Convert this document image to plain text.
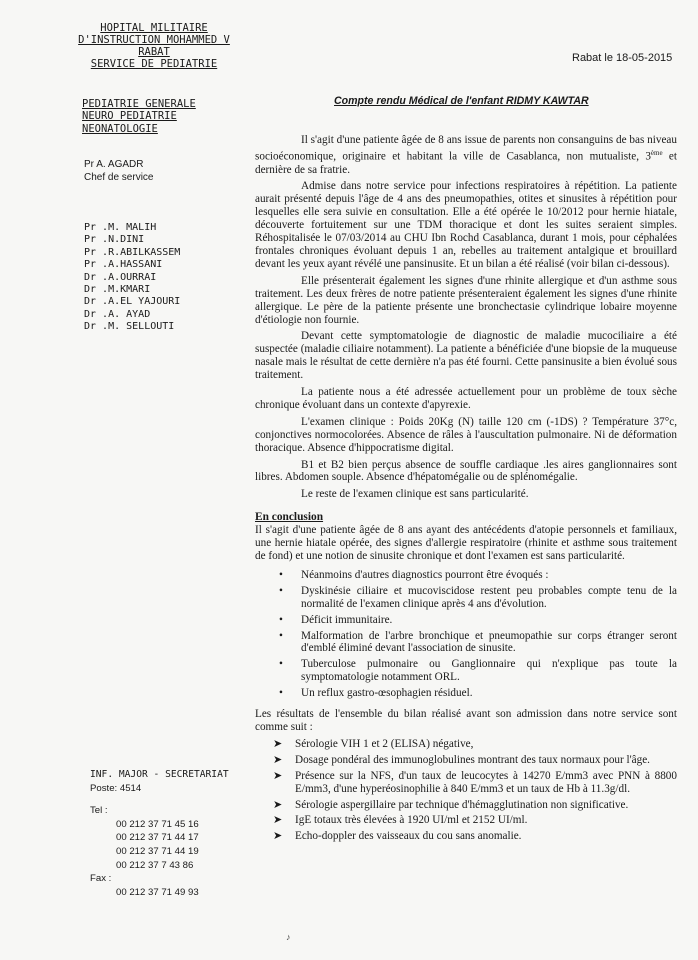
HOPITAL MILITAIRE
D'INSTRUCTION MOHAMMED V
RABAT
SERVICE DE PEDIATRIE	Rabat le 18-05-2015
PEDIATRIE GENERALE
NEURO PEDIATRIE
NEONATOLOGIE
Pr A. AGADR
Chef de service
Pr .M. MALIH
Pr .N.DINI
Pr .R.ABILKASSEM
Pr .A.HASSANI
Dr .A.OURRAI
Dr .M.KMARI
Dr .A.EL YAJOURI
Dr .A. AYAD
Dr .M. SELLOUTI
INF. MAJOR - SECRETARIAT
Poste: 4514
Tel :
00 212 37 71 45 16
00 212 37 71 44 17
00 212 37 71 44 19
00 212 37 7 43 86
Fax :
00 212 37 71 49 93
Compte rendu Médical de l'enfant RIDMY KAWTAR

Il s'agit d'une patiente âgée de 8 ans issue de parents non consanguins de bas niveau socioéconomique, originaire et habitant la ville de Casablanca, non mutualiste, 3ème et dernière de sa fratrie.

Admise dans notre service pour infections respiratoires à répétition. La patiente aurait présenté depuis l'âge de 4 ans des pneumopathies, otites et sinusites à répétition pour lesquelles elle sera suivie en consultation. Elle a été opérée le 10/2012 pour hernie hiatale, découverte fortuitement sur une TDM thoracique et dont les suites seraient simples. Réhospitalisée le 07/03/2014 au CHU Ibn Rochd Casablanca, durant 1 mois, pour céphalées frontales chroniques évoluant depuis 1 an, rebelles au traitement antalgique et brouillard devant les yeux ayant révélé une pansinusite. Et un bilan a été réalisé (voir bilan ci-dessous).

Elle présenterait également les signes d'une rhinite allergique et d'un asthme sous traitement. Les deux frères de notre patiente présenteraient également les signes d'une rhinite allergique. Le père de la patiente présente une bronchectasie cylindrique lobaire moyenne d'étiologie non fournie.

Devant cette symptomatologie de diagnostic de maladie mucociliaire a été suspectée (maladie ciliaire notamment). La patiente a bénéficiée d'une biopsie de la muqueuse nasale mais le résultat de cette dernière n'a pas été fourni. Cette pansinusite a bien évolué sous traitement.

La patiente nous a été adressée actuellement pour un problème de toux sèche chronique évoluant dans un contexte d'apyrexie.

L'examen clinique : Poids 20Kg (N) taille 120 cm (-1DS) ? Température 37°c, conjonctives normocolorées. Absence de râles à l'auscultation pulmonaire. Ni de déformation thoracique. Absence d'hippocratisme digital.

B1 et B2 bien perçus absence de souffle cardiaque .les aires ganglionnaires sont libres. Abdomen souple. Absence d'hépatomégalie ou de splénomégalie.

Le reste de l'examen clinique est sans particularité.

En conclusion

Il s'agit d'une patiente âgée de 8 ans ayant des antécédents d'atopie personnels et familiaux, une hernie hiatale opérée, des signes d'allergie respiratoire (rhinite et asthme sous traitement de fond) et une notion de sinusite chronique et dont l'examen est sans particularité.

• Néanmoins d'autres diagnostics pourront être évoqués :
• Dyskinésie ciliaire et mucoviscidose restent peu probables compte tenu de la normalité de l'examen clinique après 4 ans d'évolution.
• Déficit immunitaire.
• Malformation de l'arbre bronchique et pneumopathie sur corps étranger seront d'emblé éliminé devant l'association de sinusite.
• Tuberculose pulmonaire ou Ganglionnaire qui n'explique pas toute la symptomatologie notamment ORL.
• Un reflux gastro-œsophagien résiduel.

Les résultats de l'ensemble du bilan réalisé avant son admission dans notre service sont comme suit :

➤ Sérologie VIH 1 et 2 (ELISA) négative,
➤ Dosage pondéral des immunoglobulines montrant des taux normaux pour l'âge.
➤ Présence sur la NFS, d'un taux de leucocytes à 14270 E/mm3 avec PNN à 8800 E/mm3, d'une hyperéosinophilie à 840 E/mm3 et un taux de Hb à 11.3g/dl.
➤ Sérologie aspergillaire par technique d'hémagglutination non significative.
➤ IgE totaux très élevées à 1920 UI/ml et 2152 UI/ml.
➤ Echo-doppler des vaisseaux du cou sans anomalie.
♪
